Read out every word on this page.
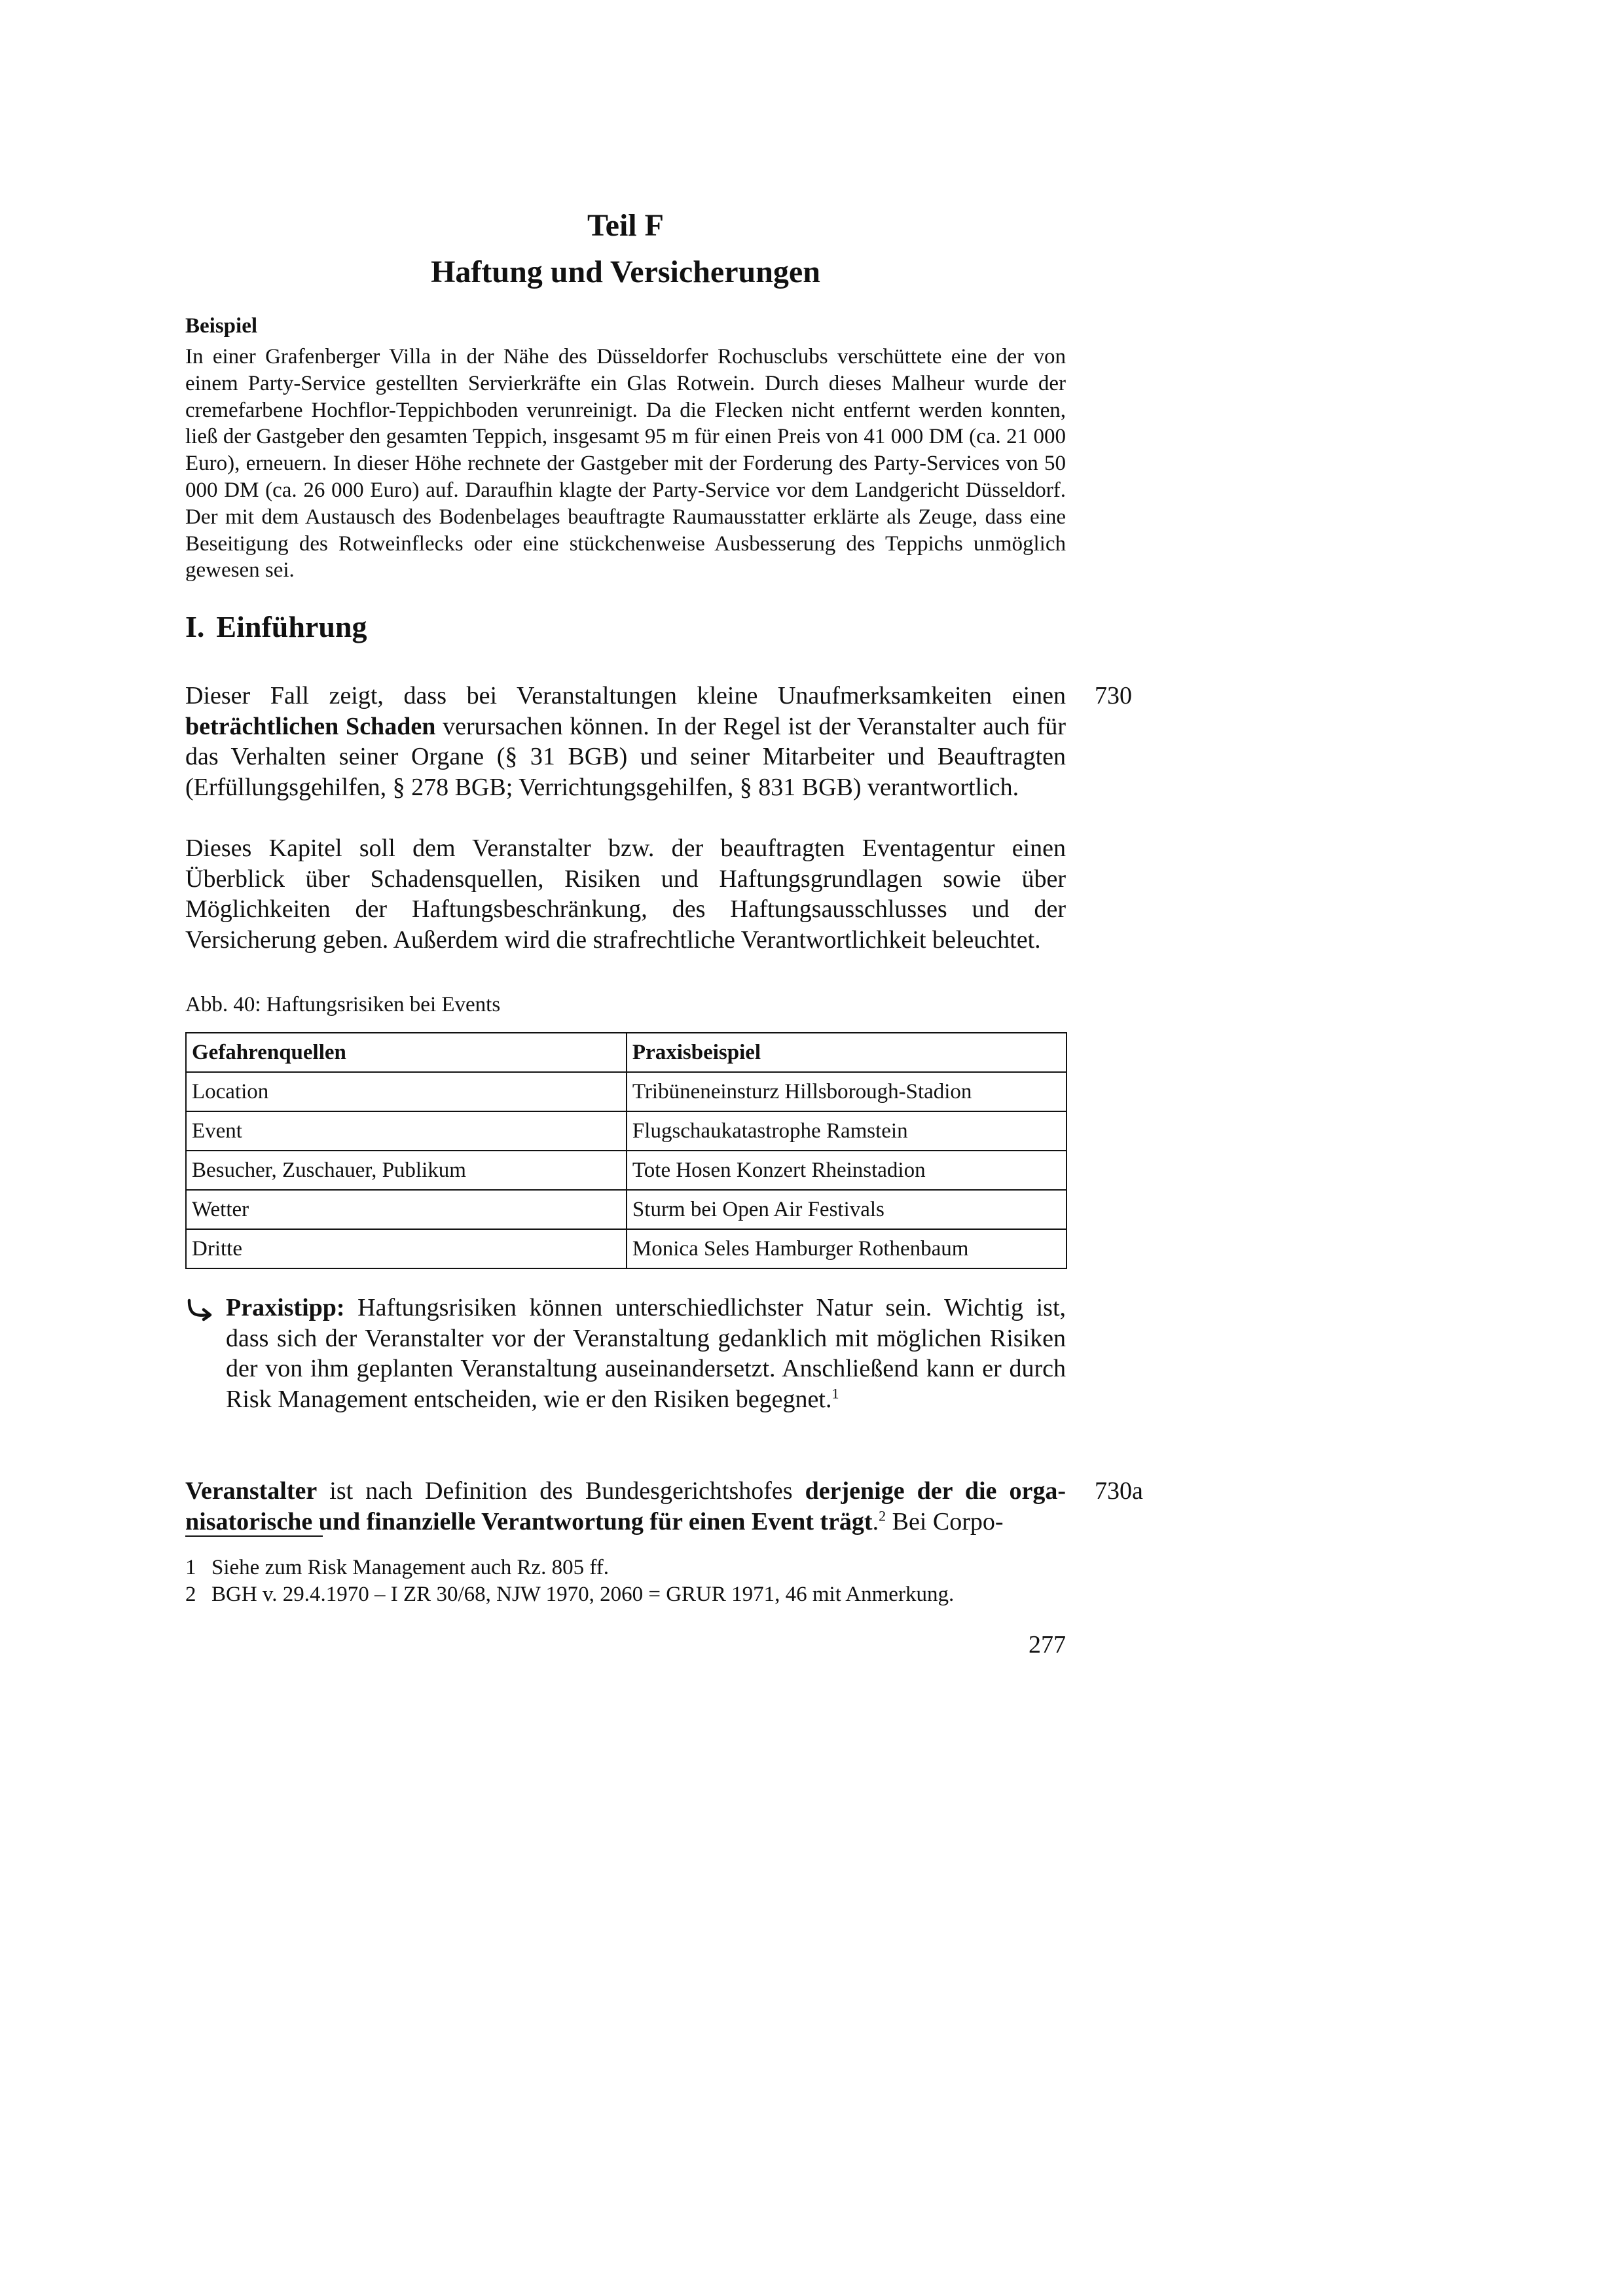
Teil F

Haftung und Versicherungen

Beispiel

In einer Grafenberger Villa in der Nähe des Düsseldorfer Rochusclubs verschüttete eine der von einem Party-Service gestellten Servierkräfte ein Glas Rotwein. Durch dieses Malheur wurde der cremefarbene Hochflor-Teppichboden verunreinigt. Da die Flecken nicht entfernt werden konnten, ließ der Gastgeber den gesamten Teppich, insgesamt 95 m für einen Preis von 41 000 DM (ca. 21 000 Euro), erneuern. In dieser Höhe rechnete der Gastgeber mit der Forderung des Party-Services von 50 000 DM (ca. 26 000 Euro) auf. Daraufhin klagte der Party-Service vor dem Landgericht Düsseldorf. Der mit dem Austausch des Bodenbelages beauftragte Raumausstatter erklärte als Zeuge, dass eine Beseitigung des Rotweinflecks oder eine stückchenweise Ausbesserung des Teppichs unmöglich gewesen sei.

I. Einführung
730

Dieser Fall zeigt, dass bei Veranstaltungen kleine Unaufmerksamkeiten einen beträchtlichen Schaden verursachen können. In der Regel ist der Veranstalter auch für das Verhalten seiner Organe (§ 31 BGB) und seiner Mitarbeiter und Beauftragten (Erfüllungsgehilfen, § 278 BGB; Verrichtungsgehilfen, § 831 BGB) verantwortlich.

Dieses Kapitel soll dem Veranstalter bzw. der beauftragten Eventagentur einen Überblick über Schadensquellen, Risiken und Haftungsgrundlagen sowie über Möglichkeiten der Haftungsbeschränkung, des Haftungsausschlusses und der Versicherung geben. Außerdem wird die strafrechtliche Verantwortlichkeit beleuchtet.

Abb. 40: Haftungsrisiken bei Events

Gefahrenquellen	Praxisbeispiel
Location	Tribüneneinsturz Hillsborough-Stadion
Event	Flugschaukatastrophe Ramstein
Besucher, Zuschauer, Publikum	Tote Hosen Konzert Rheinstadion
Wetter	Sturm bei Open Air Festivals
Dritte	Monica Seles Hamburger Rothenbaum

Praxistipp: Haftungsrisiken können unterschiedlichster Natur sein. Wichtig ist, dass sich der Veranstalter vor der Veranstaltung gedanklich mit möglichen Risiken der von ihm geplanten Veranstaltung auseinandersetzt. Anschließend kann er durch Risk Management entscheiden, wie er den Risiken begegnet.$^1$

730a

Veranstalter ist nach Definition des Bundesgerichtshofes derjenige der die organisatorische und finanzielle Verantwortung für einen Event trägt.$^2$ Bei Corpo-

1 Siehe zum Risk Management auch Rz. 805 ff.

2 BGH v. 29.4.1970 – I ZR 30/68, NJW 1970, 2060 = GRUR 1971, 46 mit Anmerkung.

277
